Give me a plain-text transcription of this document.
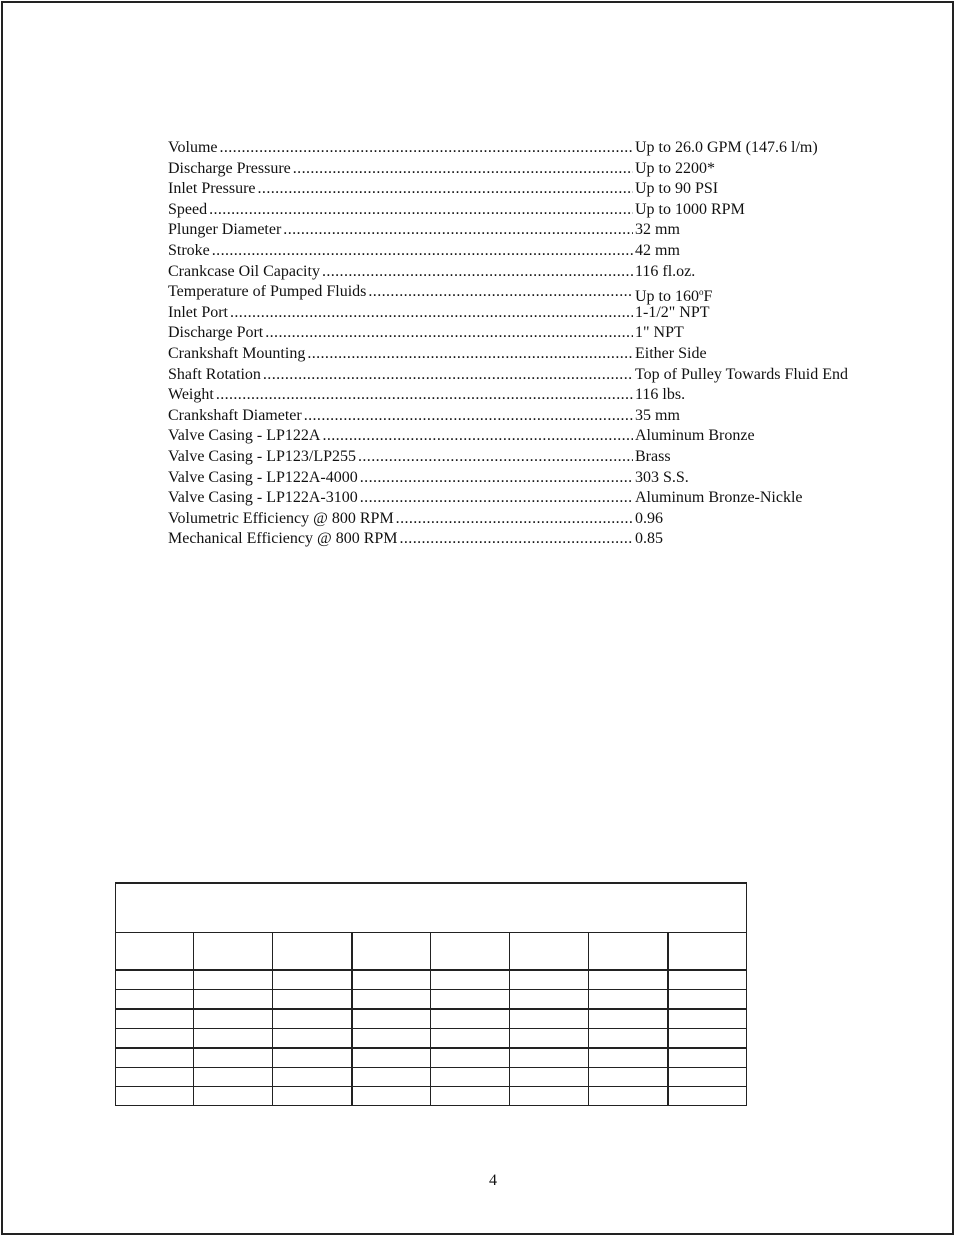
Volume .....	Up to 26.0 GPM (147.6 l/m)
Discharge Pressure .....	Up to 2200*
Inlet Pressure .....	Up to 90 PSI
Speed .....	Up to 1000 RPM
Plunger Diameter .....	32 mm
Stroke .....	42 mm
Crankcase Oil Capacity .....	116 fl.oz.
Temperature of Pumped Fluids .....	Up to 160$^o$F
Inlet Port .....	1-1/2" NPT
Discharge Port .....	1" NPT
Crankshaft Mounting .....	Either Side
Shaft Rotation .....	Top of Pulley Towards Fluid End
Weight .....	116 lbs.
Crankshaft Diameter .....	35 mm
Valve Casing - LP122A .....	Aluminum Bronze
Valve Casing - LP123/LP255 .....	Brass
Valve Casing - LP122A-4000 .....	303 S.S.
Valve Casing - LP122A-3100 .....	Aluminum Bronze-Nickle
Volumetric Efficiency @ 800 RPM .....	0.96
Mechanical Efficiency @ 800 RPM .....	0.85

4
